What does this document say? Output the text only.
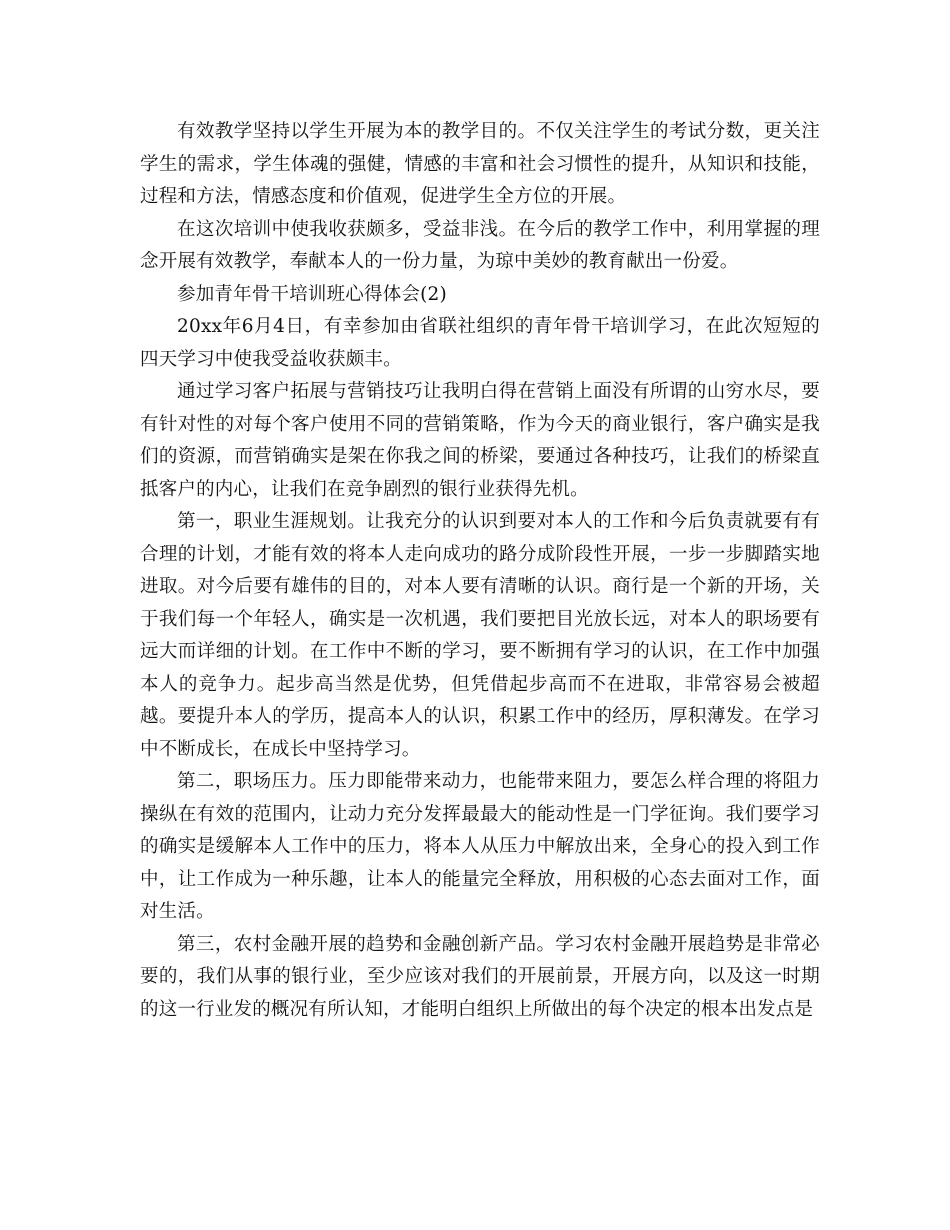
有效教学坚持以学生开展为本的教学目的。不仅关注学生的考试分数，更关注学生的需求，学生体魂的强健，情感的丰富和社会习惯性的提升，从知识和技能，过程和方法，情感态度和价值观，促进学生全方位的开展。

在这次培训中使我收获颇多，受益非浅。在今后的教学工作中，利用掌握的理念开展有效教学，奉献本人的一份力量，为琼中美妙的教育献出一份爱。

参加青年骨干培训班心得体会(2)

20xx年6月4日，有幸参加由省联社组织的青年骨干培训学习，在此次短短的四天学习中使我受益收获颇丰。

通过学习客户拓展与营销技巧让我明白得在营销上面没有所谓的山穷水尽，要有针对性的对每个客户使用不同的营销策略，作为今天的商业银行，客户确实是我们的资源，而营销确实是架在你我之间的桥梁，要通过各种技巧，让我们的桥梁直抵客户的内心，让我们在竞争剧烈的银行业获得先机。

第一，职业生涯规划。让我充分的认识到要对本人的工作和今后负责就要有有合理的计划，才能有效的将本人走向成功的路分成阶段性开展，一步一步脚踏实地进取。对今后要有雄伟的目的，对本人要有清晰的认识。商行是一个新的开场，关于我们每一个年轻人，确实是一次机遇，我们要把目光放长远，对本人的职场要有远大而详细的计划。在工作中不断的学习，要不断拥有学习的认识，在工作中加强本人的竞争力。起步高当然是优势，但凭借起步高而不在进取，非常容易会被超越。要提升本人的学历，提高本人的认识，积累工作中的经历，厚积薄发。在学习中不断成长，在成长中坚持学习。

第二，职场压力。压力即能带来动力，也能带来阻力，要怎么样合理的将阻力操纵在有效的范围内，让动力充分发挥最最大的能动性是一门学征询。我们要学习的确实是缓解本人工作中的压力，将本人从压力中解放出来，全身心的投入到工作中，让工作成为一种乐趣，让本人的能量完全释放，用积极的心态去面对工作，面对生活。

第三，农村金融开展的趋势和金融创新产品。学习农村金融开展趋势是非常必要的，我们从事的银行业，至少应该对我们的开展前景，开展方向，以及这一时期的这一行业发的概况有所认知，才能明白组织上所做出的每个决定的根本出发点是
